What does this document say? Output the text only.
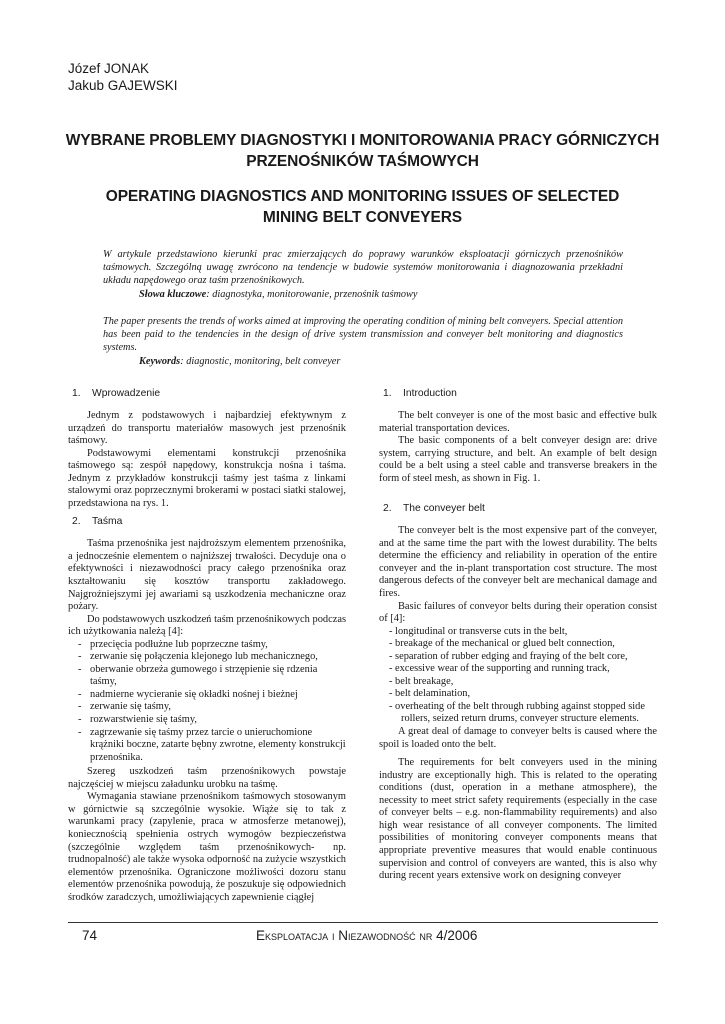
Józef JONAK
Jakub GAJEWSKI
WYBRANE PROBLEMY DIAGNOSTYKI I MONITOROWANIA PRACY GÓRNICZYCH
PRZENOŚNIKÓW TAŚMOWYCH
OPERATING DIAGNOSTICS AND MONITORING ISSUES OF SELECTED
MINING BELT CONVEYERS
W artykule przedstawiono kierunki prac zmierzających do poprawy warunków eksploatacji górniczych przenośników taśmowych. Szczególną uwagę zwrócono na tendencje w budowie systemów monitorowania i diagnozowania przekładni układu napędowego oraz taśm przenośnikowych.
Słowa kluczowe: diagnostyka, monitorowanie, przenośnik taśmowy
The paper presents the trends of works aimed at improving the operating condition of mining belt conveyers. Special attention has been paid to the tendencies in the design of drive system transmission and conveyer belt monitoring and diagnostics systems.
Keywords: diagnostic, monitoring, belt conveyer
1. Wprowadzenie

Jednym z podstawowych i najbardziej efektywnym z urządzeń do transportu materiałów masowych jest przenośnik taśmowy.

Podstawowymi elementami konstrukcji przenośnika taśmowego są: zespół napędowy, konstrukcja nośna i taśma. Jednym z przykładów konstrukcji taśmy jest taśma z linkami stalowymi oraz poprzecznymi brokerami w postaci siatki stalowej, przedstawiona na rys. 1.

2. Taśma

Taśma przenośnika jest najdroższym elementem przenośnika, a jednocześnie elementem o najniższej trwałości. Decyduje ona o efektywności i niezawodności pracy całego przenośnika oraz kształtowaniu się kosztów transportu zakładowego. Najgroźniejszymi jej awariami są uszkodzenia mechaniczne oraz pożary.

Do podstawowych uszkodzeń taśm przenośnikowych podczas ich użytkowania należą [4]:

- przecięcia podłużne lub poprzeczne taśmy,
- zerwanie się połączenia klejonego lub mechanicznego,
- oberwanie obrzeża gumowego i strzępienie się rdzenia taśmy,
- nadmierne wycieranie się okładki nośnej i bieżnej
- zerwanie się taśmy,
- rozwarstwienie się taśmy,
- zagrzewanie się taśmy przez tarcie o unieruchomione krążniki boczne, zatarte bębny zwrotne, elementy konstrukcji przenośnika.

Szereg uszkodzeń taśm przenośnikowych powstaje najczęściej w miejscu załadunku urobku na taśmę.

Wymagania stawiane przenośnikom taśmowych stosowanym w górnictwie są szczególnie wysokie. Wiąże się to tak z warunkami pracy (zapylenie, praca w atmosferze metanowej), koniecznością spełnienia ostrych wymogów bezpieczeństwa (szczególnie względem taśm przenośnikowych- np. trudnopalność) ale także wysoka odporność na zużycie wszystkich elementów przenośnika. Ograniczone możliwości dozoru stanu elementów przenośnika powodują, że poszukuje się odpowiednich środków zaradczych, umożliwiających zapewnienie ciągłej

1. Introduction

The belt conveyer is one of the most basic and effective bulk material transportation devices.

The basic components of a belt conveyer design are: drive system, carrying structure, and belt. An example of belt design could be a belt using a steel cable and transverse breakers in the form of steel mesh, as shown in Fig. 1.

2. The conveyer belt

The conveyer belt is the most expensive part of the conveyer, and at the same time the part with the lowest durability. The belts determine the efficiency and reliability in operation of the entire conveyer and the in-plant transportation cost structure. The most dangerous defects of the conveyer belt are mechanical damage and fires.

Basic failures of conveyor belts during their operation consist of [4]:

- longitudinal or transverse cuts in the belt,
- breakage of the mechanical or glued belt connection,
- separation of rubber edging and fraying of the belt core,
- excessive wear of the supporting and running track,
- belt breakage,
- belt delamination,
- overheating of the belt through rubbing against stopped side
rollers, seized return drums, conveyer structure elements.

A great deal of damage to conveyer belts is caused where the spoil is loaded onto the belt.

The requirements for belt conveyers used in the mining industry are exceptionally high. This is related to the operating conditions (dust, operation in a methane atmosphere), the necessity to meet strict safety requirements (especially in the case of conveyer belts – e.g. non-flammability requirements) and also high wear resistance of all conveyer components. The limited possibilities of monitoring conveyer components means that appropriate preventive measures that would enable continuous supervision and control of conveyers are wanted, this is also why during recent years extensive work on designing conveyer

74	Eksploatacja i Niezawodność nr 4/2006
